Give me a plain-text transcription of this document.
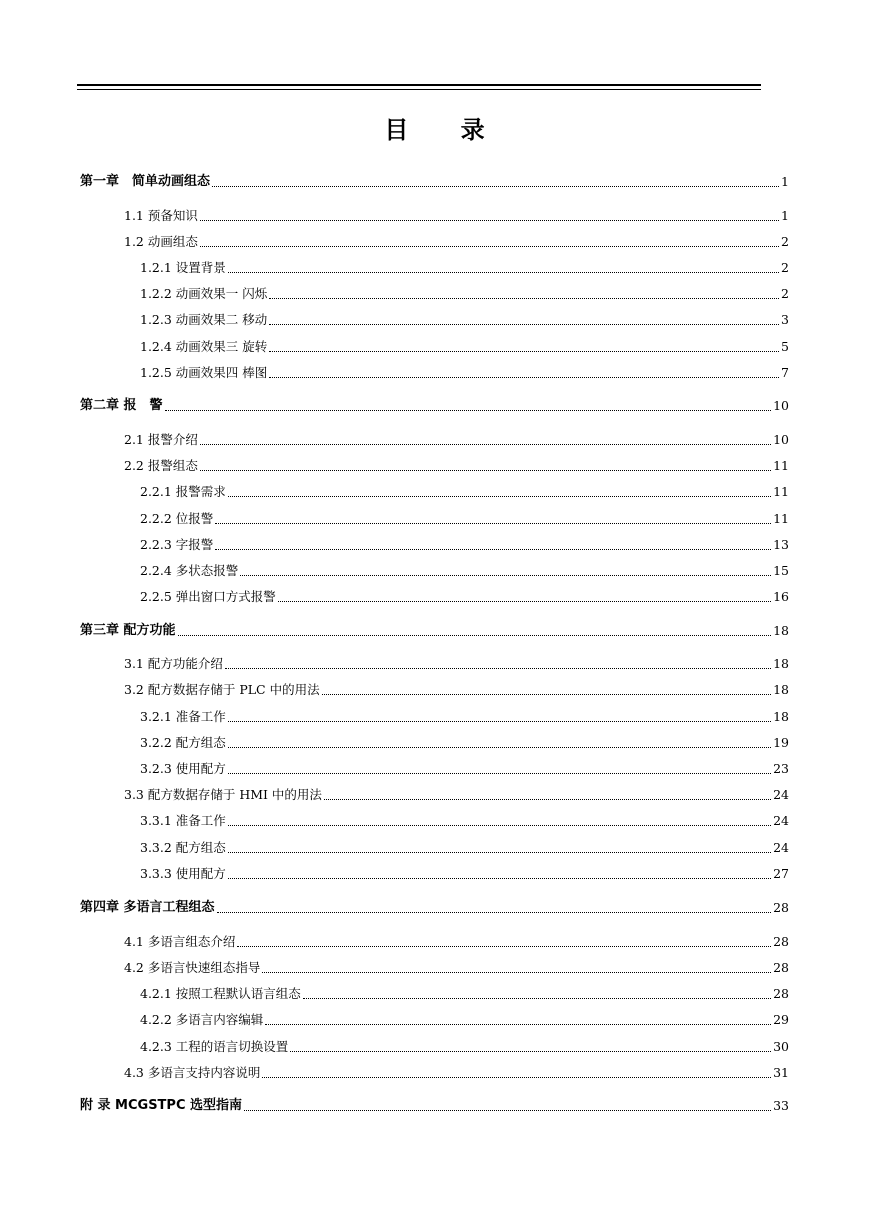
目 录
第一章　简单动画组态	1
1.1 预备知识	1
1.2 动画组态	2
1.2.1 设置背景	2
1.2.2 动画效果一 闪烁	2
1.2.3 动画效果二 移动	3
1.2.4 动画效果三 旋转	5
1.2.5 动画效果四 棒图	7
第二章 报　警	10
2.1 报警介绍	10
2.2 报警组态	11
2.2.1 报警需求	11
2.2.2 位报警	11
2.2.3 字报警	13
2.2.4 多状态报警	15
2.2.5 弹出窗口方式报警	16
第三章 配方功能	18
3.1 配方功能介绍	18
3.2 配方数据存储于 PLC 中的用法	18
3.2.1 准备工作	18
3.2.2 配方组态	19
3.2.3 使用配方	23
3.3 配方数据存储于 HMI 中的用法	24
3.3.1 准备工作	24
3.3.2 配方组态	24
3.3.3 使用配方	27
第四章 多语言工程组态	28
4.1 多语言组态介绍	28
4.2 多语言快速组态指导	28
4.2.1 按照工程默认语言组态	28
4.2.2 多语言内容编辑	29
4.2.3 工程的语言切换设置	30
4.3 多语言支持内容说明	31
附 录 MCGSTPC 选型指南	33
